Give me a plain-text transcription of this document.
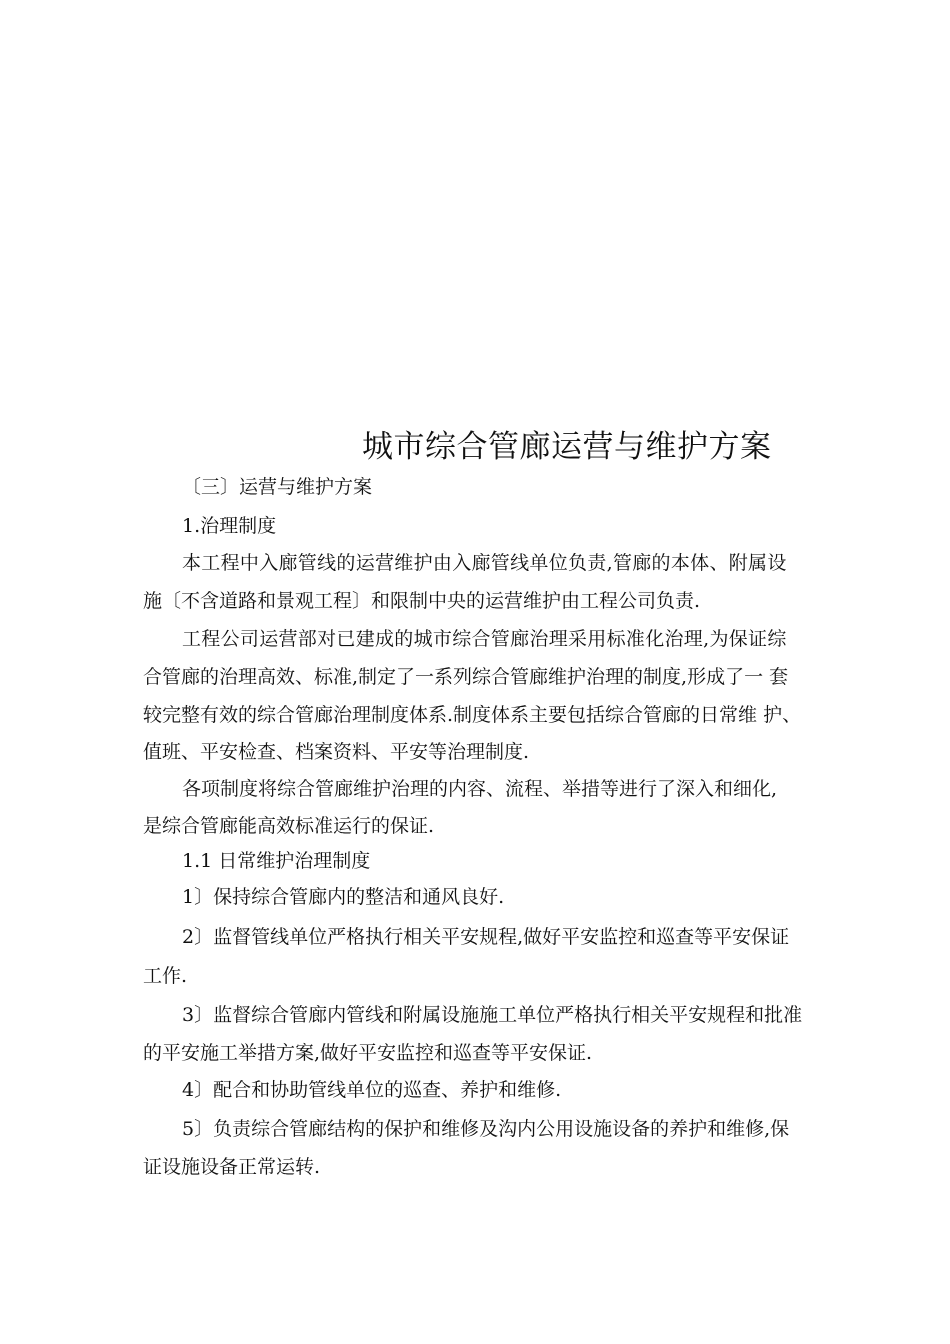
城市综合管廊运营与维护方案

〔三〕运营与维护方案

1.治理制度

本工程中入廊管线的运营维护由入廊管线单位负责,管廊的本体、附属设

施〔不含道路和景观工程〕和限制中央的运营维护由工程公司负责.

工程公司运营部对已建成的城市综合管廊治理采用标准化治理,为保证综

合管廊的治理高效、标准,制定了一系列综合管廊维护治理的制度,形成了一 套

较完整有效的综合管廊治理制度体系.制度体系主要包括综合管廊的日常维 护、

值班、平安检查、档案资料、平安等治理制度.

各项制度将综合管廊维护治理的内容、流程、举措等进行了深入和细化,

是综合管廊能高效标准运行的保证.

1.1 日常维护治理制度

1〕保持综合管廊内的整洁和通风良好.

2〕监督管线单位严格执行相关平安规程,做好平安监控和巡查等平安保证

工作.

3〕监督综合管廊内管线和附属设施施工单位严格执行相关平安规程和批准

的平安施工举措方案,做好平安监控和巡查等平安保证.

4〕配合和协助管线单位的巡查、养护和维修.

5〕负责综合管廊结构的保护和维修及沟内公用设施设备的养护和维修,保

证设施设备正常运转.
